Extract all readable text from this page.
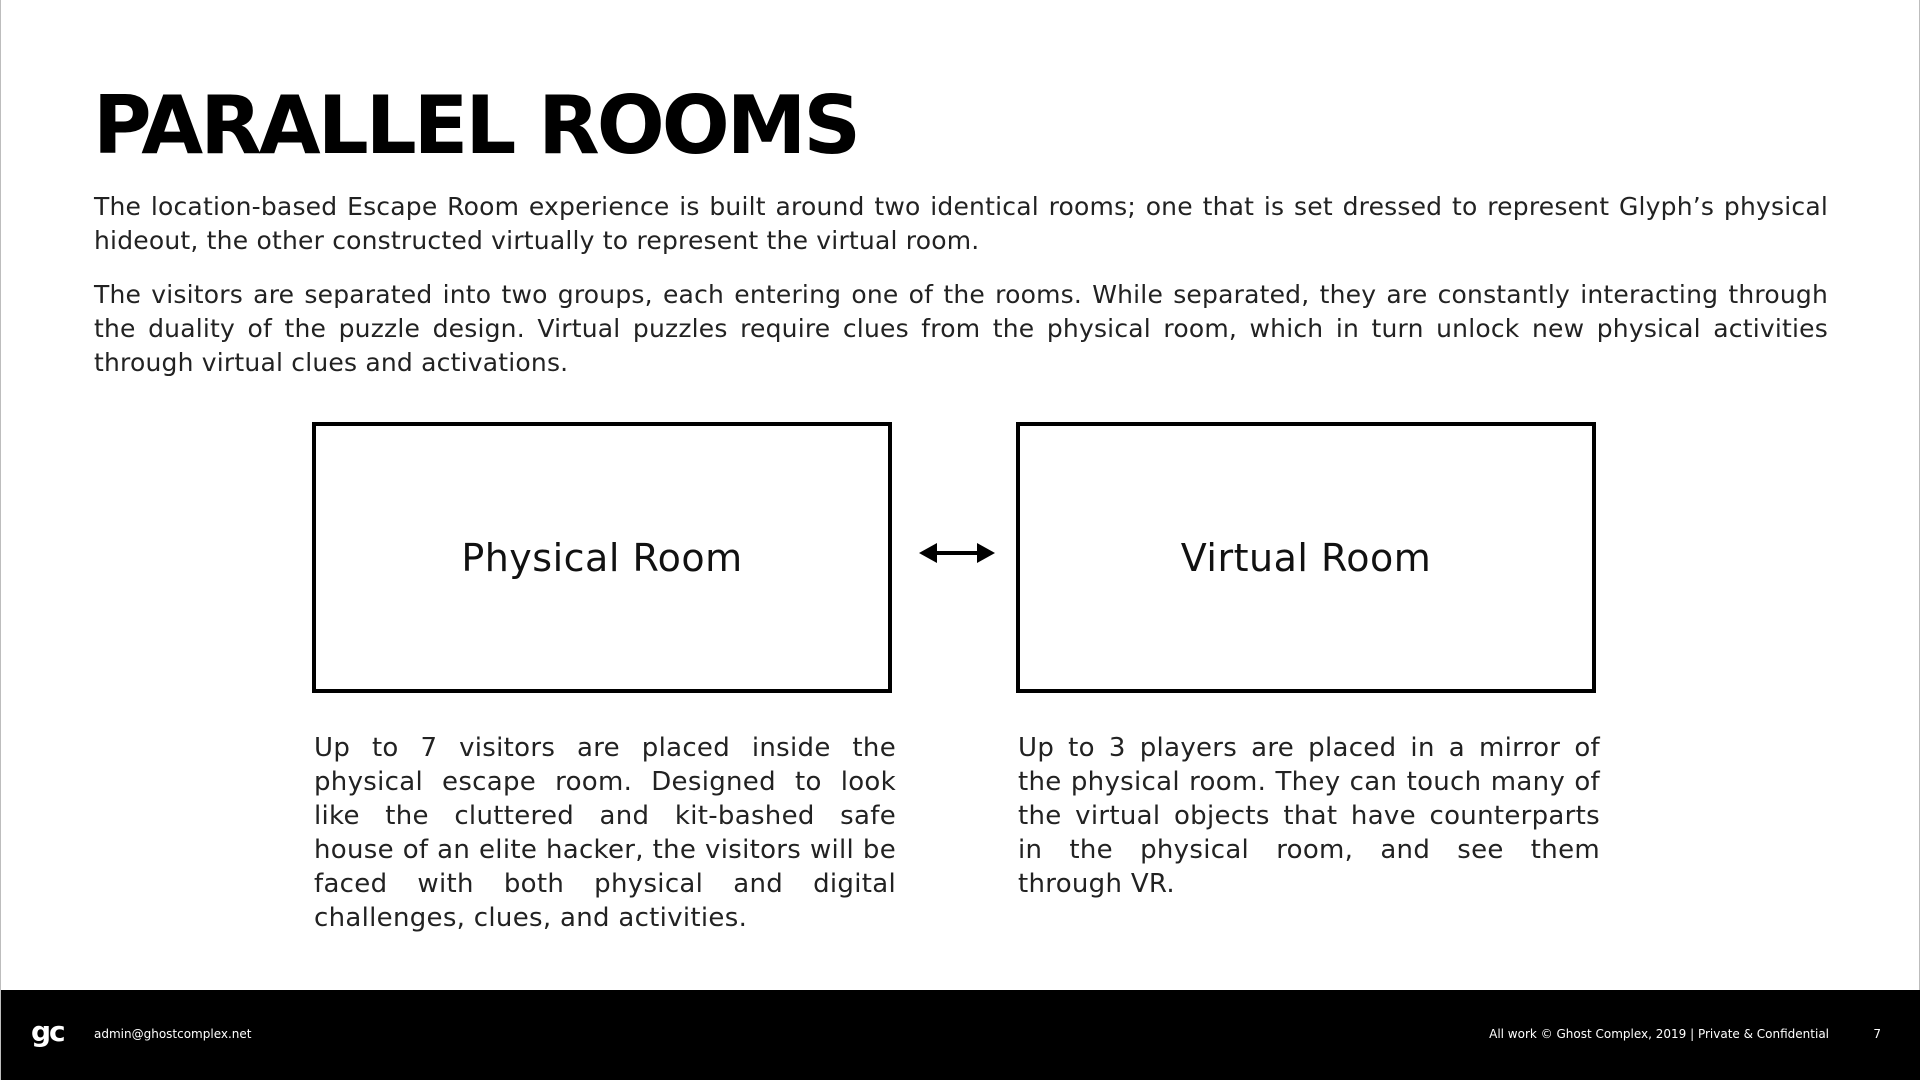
PARALLEL ROOMS

The location-based Escape Room experience is built around two identical rooms; one that is set dressed to represent Glyph’s physical hideout, the other constructed virtually to represent the virtual room.

The visitors are separated into two groups, each entering one of the rooms. While separated, they are constantly interacting through the duality of the puzzle design. Virtual puzzles require clues from the physical room, which in turn unlock new physical activities through virtual clues and activations.

Physical Room	Virtual Room

Up to 7 visitors are placed inside the physical escape room. Designed to look like the cluttered and kit-bashed safe house of an elite hacker, the visitors will be faced with both physical and digital challenges, clues, and activities.

Up to 3 players are placed in a mirror of the physical room. They can touch many of the virtual objects that have counterparts in the physical room, and see them through VR.

gc	admin@ghostcomplex.net	All work © Ghost Complex, 2019 | Private & Confidential	7
